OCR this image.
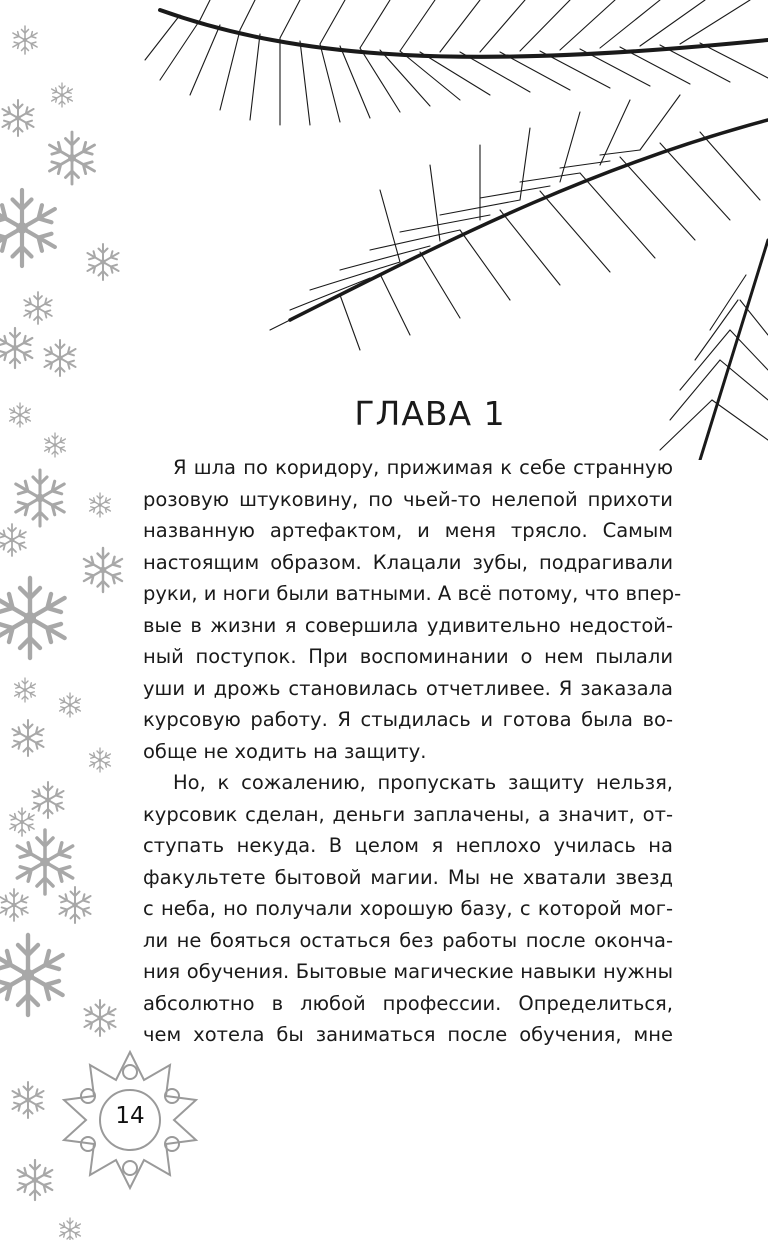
ГЛАВА 1
Я шла по коридору, прижимая к себе странную
розовую штуковину, по чьей-то нелепой прихоти
названную артефактом, и меня трясло. Самым
настоящим образом. Клацали зубы, подрагивали
руки, и ноги были ватными. А всё потому, что впер-
вые в жизни я совершила удивительно недостой-
ный поступок. При воспоминании о нем пылали
уши и дрожь становилась отчетливее. Я заказала
курсовую работу. Я стыдилась и готова была во-
обще не ходить на защиту.
Но, к сожалению, пропускать защиту нельзя,
курсовик сделан, деньги заплачены, а значит, от-
ступать некуда. В целом я неплохо училась на
факультете бытовой магии. Мы не хватали звезд
с неба, но получали хорошую базу, с которой мог-
ли не бояться остаться без работы после оконча-
ния обучения. Бытовые магические навыки нужны
абсолютно в любой профессии. Определиться,
чем хотела бы заниматься после обучения, мне
14
